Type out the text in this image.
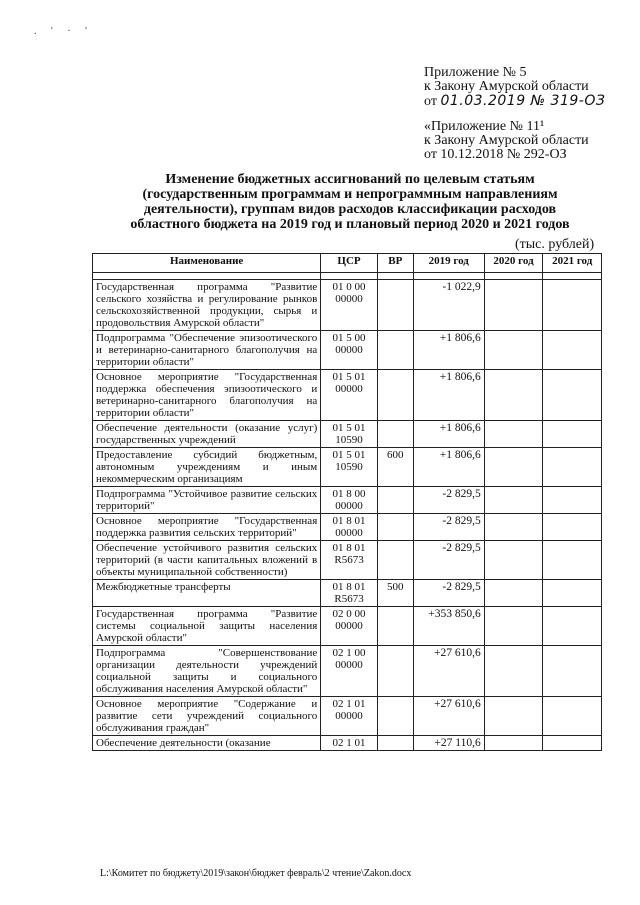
. ' · '
Приложение № 5
к Закону Амурской области
от 01.03.2019 № 319-ОЗ
«Приложение № 11¹
к Закону Амурской области
от 10.12.2018 № 292-ОЗ
Изменение бюджетных ассигнований по целевым статьям
(государственным программам и непрограммным направлениям
деятельности), группам видов расходов классификации расходов
областного бюджета на 2019 год и плановый период 2020 и 2021 годов
(тыс. рублей)
Наименование	ЦСР	ВР	2019 год	2020 год	2021 год

Государственная программа "Развитие сельского хозяйства и регулирование рынков сельскохозяйственной продукции, сырья и продовольствия Амурской области"	01 0 00 00000		-1 022,9		
Подпрограмма "Обеспечение эпизоотического и ветеринарно-санитарного благополучия на территории области"	01 5 00 00000		+1 806,6		
Основное мероприятие "Государственная поддержка обеспечения эпизоотического и ветеринарно-санитарного благополучия на территории области"	01 5 01 00000		+1 806,6		
Обеспечение деятельности (оказание услуг) государственных учреждений	01 5 01 10590		+1 806,6		
Предоставление субсидий бюджетным, автономным учреждениям и иным некоммерческим организациям	01 5 01 10590	600	+1 806,6		
Подпрограмма "Устойчивое развитие сельских территорий"	01 8 00 00000		-2 829,5		
Основное мероприятие "Государственная поддержка развития сельских территорий"	01 8 01 00000		-2 829,5		
Обеспечение устойчивого развития сельских территорий (в части капитальных вложений в объекты муниципальной собственности)	01 8 01 R5673		-2 829,5		
Межбюджетные трансферты	01 8 01 R5673	500	-2 829,5		
Государственная программа "Развитие системы социальной защиты населения Амурской области"	02 0 00 00000		+353 850,6		
Подпрограмма "Совершенствование организации деятельности учреждений социальной защиты и социального обслуживания населения Амурской области"	02 1 00 00000		+27 610,6		
Основное мероприятие "Содержание и развитие сети учреждений социального обслуживания граждан"	02 1 01 00000		+27 610,6		
Обеспечение деятельности (оказание	02 1 01		+27 110,6		
L:\Комитет по бюджету\2019\закон\бюджет февраль\2 чтение\Zakon.docx
